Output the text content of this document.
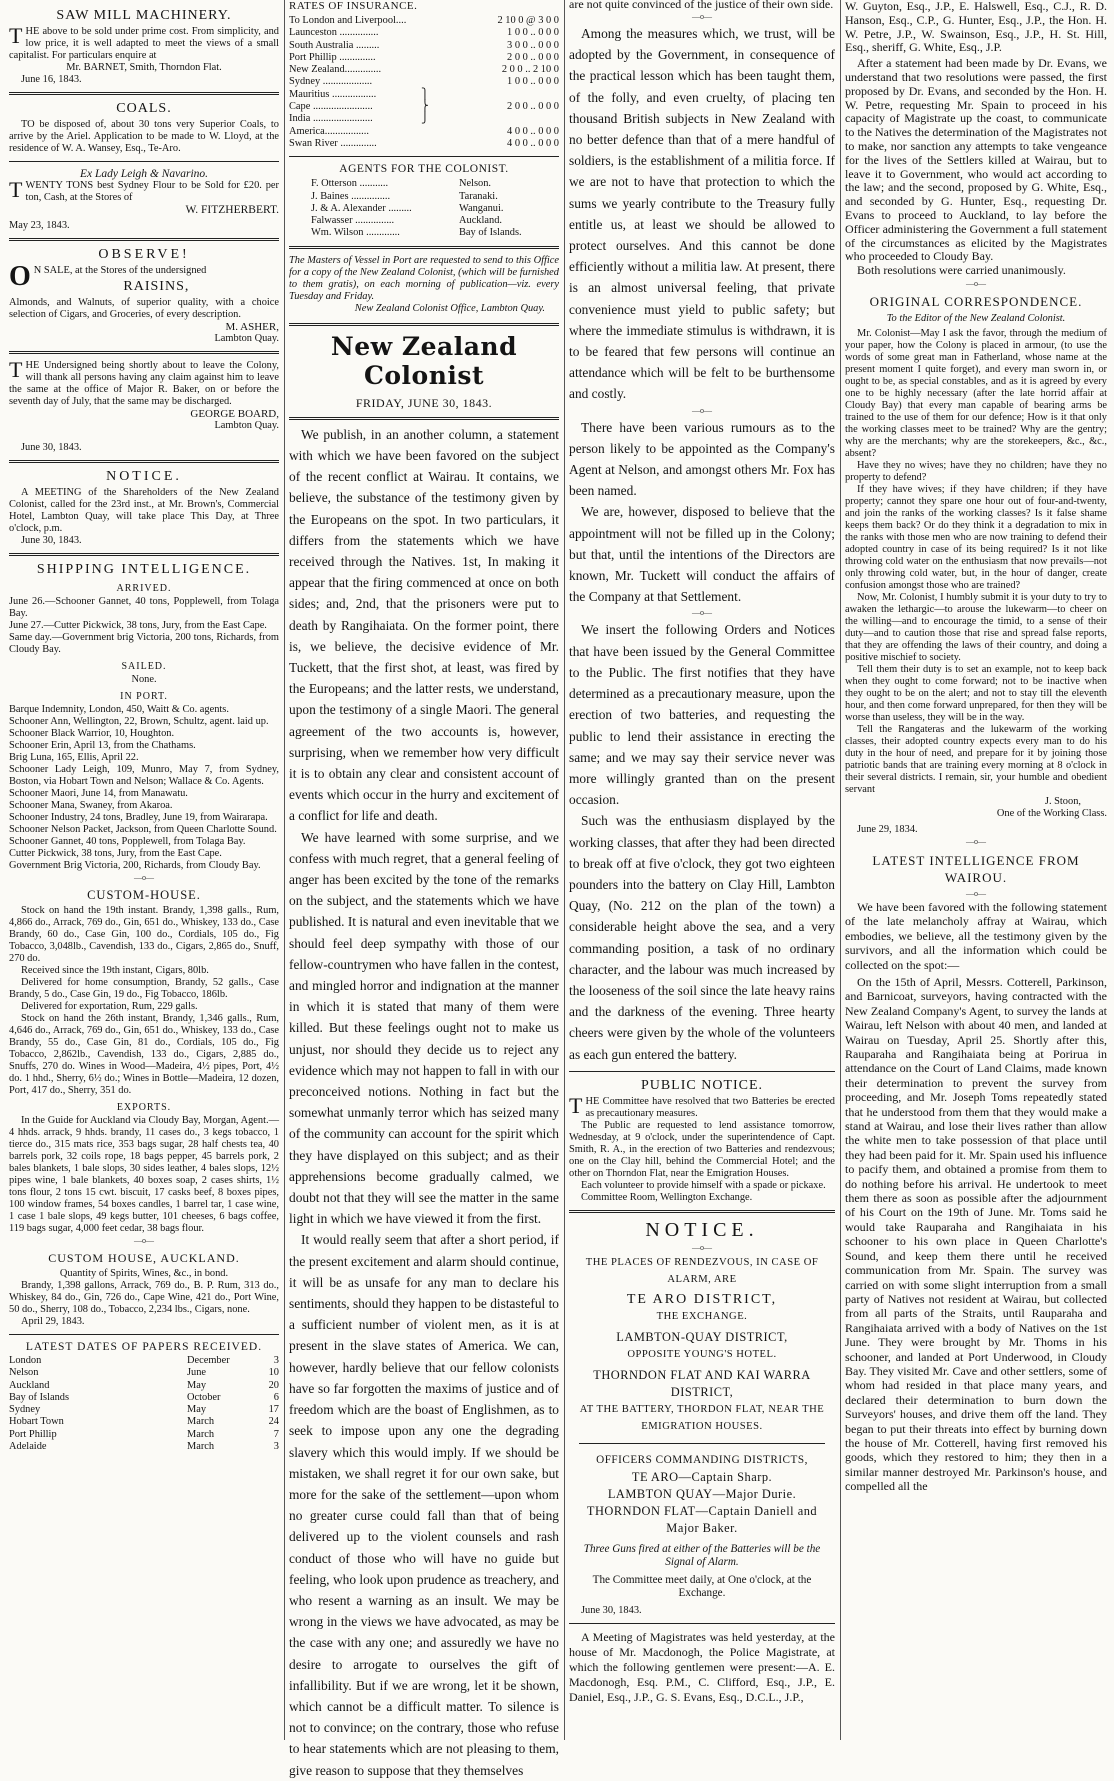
SAW MILL MACHINERY.

THE above to be sold under prime cost. From simplicity, and low price, it is well adapted to meet the views of a small capitalist. For particulars enquire at

Mr. BARNET, Smith, Thorndon Flat.

June 16, 1843.

COALS.

TO be disposed of, about 30 tons very Superior Coals, to arrive by the Ariel. Application to be made to W. Lloyd, at the residence of W. A. Wansey, Esq., Te-Aro.

Ex Lady Leigh & Navarino.

TWENTY TONS best Sydney Flour to be Sold for £20. per ton, Cash, at the Stores of

W. FITZHERBERT.

May 23, 1843.

OBSERVE!

O N SALE, at the Stores of the undersigned

RAISINS,

Almonds, and Walnuts, of superior quality, with a choice selection of Cigars, and Groceries, of every description.

M. ASHER,

Lambton Quay.

THE Undersigned being shortly about to leave the Colony, will thank all persons having any claim against him to leave the same at the office of Major R. Baker, on or before the seventh day of July, that the same may be discharged.

GEORGE BOARD,

Lambton Quay.

June 30, 1843.

NOTICE.

A MEETING of the Shareholders of the New Zealand Colonist, called for the 23rd inst., at Mr. Brown's, Commercial Hotel, Lambton Quay, will take place This Day, at Three o'clock, p.m.

June 30, 1843.

SHIPPING INTELLIGENCE.
ARRIVED.

June 26.—Schooner Gannet, 40 tons, Popplewell, from Tolaga Bay.

June 27.—Cutter Pickwick, 38 tons, Jury, from the East Cape.

Same day.—Government brig Victoria, 200 tons, Richards, from Cloudy Bay.

SAILED.

None.

IN PORT.

Barque Indemnity, London, 450, Waitt & Co. agents.

Schooner Ann, Wellington, 22, Brown, Schultz, agent. laid up.

Schooner Black Warrior, 10, Houghton.

Schooner Erin, April 13, from the Chathams.

Brig Luna, 165, Ellis, April 22.

Schooner Lady Leigh, 109, Munro, May 7, from Sydney, Boston, via Hobart Town and Nelson; Wallace & Co. Agents.

Schooner Maori, June 14, from Manawatu.

Schooner Mana, Swaney, from Akaroa.

Schooner Industry, 24 tons, Bradley, June 19, from Wairarapa.

Schooner Nelson Packet, Jackson, from Queen Charlotte Sound.

Schooner Gannet, 40 tons, Popplewell, from Tolaga Bay.

Cutter Pickwick, 38 tons, Jury, from the East Cape.

Government Brig Victoria, 200, Richards, from Cloudy Bay.

—o—
CUSTOM-HOUSE.

Stock on hand the 19th instant. Brandy, 1,398 galls., Rum, 4,866 do., Arrack, 769 do., Gin, 651 do., Whiskey, 133 do., Case Brandy, 60 do., Case Gin, 100 do., Cordials, 105 do., Fig Tobacco, 3,048lb., Cavendish, 133 do., Cigars, 2,865 do., Snuff, 270 do.

Received since the 19th instant, Cigars, 80lb.

Delivered for home consumption, Brandy, 52 galls., Case Brandy, 5 do., Case Gin, 19 do., Fig Tobacco, 186lb.

Delivered for exportation, Rum, 229 galls.

Stock on hand the 26th instant, Brandy, 1,346 galls., Rum, 4,646 do., Arrack, 769 do., Gin, 651 do., Whiskey, 133 do., Case Brandy, 55 do., Case Gin, 81 do., Cordials, 105 do., Fig Tobacco, 2,862lb., Cavendish, 133 do., Cigars, 2,885 do., Snuffs, 270 do. Wines in Wood—Madeira, 4½ pipes, Port, 4½ do. 1 hhd., Sherry, 6½ do.; Wines in Bottle—Madeira, 12 dozen, Port, 417 do., Sherry, 351 do.

EXPORTS.

In the Guide for Auckland via Cloudy Bay, Morgan, Agent.—4 hhds. arrack, 9 hhds. brandy, 11 cases do., 3 kegs tobacco, 1 tierce do., 315 mats rice, 353 bags sugar, 28 half chests tea, 40 barrels pork, 32 coils rope, 18 bags pepper, 45 barrels pork, 2 bales blankets, 1 bale slops, 30 sides leather, 4 bales slops, 12½ pipes wine, 1 bale blankets, 40 boxes soap, 2 cases shirts, 1½ tons flour, 2 tons 15 cwt. biscuit, 17 casks beef, 8 boxes pipes, 100 window frames, 54 boxes candles, 1 barrel tar, 1 case wine, 1 case 1 bale slops, 49 kegs butter, 101 cheeses, 6 bags coffee, 119 bags sugar, 4,000 feet cedar, 38 bags flour.

—o—
CUSTOM HOUSE, AUCKLAND.

Quantity of Spirits, Wines, &c., in bond.

Brandy, 1,398 gallons, Arrack, 769 do., B. P. Rum, 313 do., Whiskey, 84 do., Gin, 726 do., Cape Wine, 421 do., Port Wine, 50 do., Sherry, 108 do., Tobacco, 2,234 lbs., Cigars, none.

April 29, 1843.

LATEST DATES OF PAPERS RECEIVED.
London	December	3
Nelson	June	10
Auckland	May	20
Bay of Islands	October	6
Sydney	May	17
Hobart Town	March	24
Port Phillip	March	7
Adelaide	March	3
RATES OF INSURANCE.
To London and Liverpool....	2 10 0 @ 3 0 0
Launceston ...............	1 0 0 .. 0 0 0
South Australia .........	3 0 0 .. 0 0 0
Port Phillip ..............	2 0 0 .. 0 0 0
New Zealand..............	2 0 0 .. 2 10 0
Sydney ...................	1 0 0 .. 0 0 0
Mauritius .................	⎫
Cape .......................	⎬	2 0 0 .. 0 0 0
India .......................	⎭
America.................	4 0 0 .. 0 0 0
Swan River ..............	4 0 0 .. 0 0 0
AGENTS FOR THE COLONIST.
F. Otterson ...........	Nelson.
J. Baines ...............	Taranaki.
J. & A. Alexander .........	Wanganui.
Falwasser ...............	Auckland.
Wm. Wilson .............	Bay of Islands.

The Masters of Vessel in Port are requested to send to this Office for a copy of the New Zealand Colonist, (which will be furnished to them gratis), on each morning of publication—viz. every Tuesday and Friday.

New Zealand Colonist Office, Lambton Quay.

New Zealand Colonist
FRIDAY, JUNE 30, 1843.

We publish, in an another column, a statement with which we have been favored on the subject of the recent conflict at Wairau. It contains, we believe, the substance of the testimony given by the Europeans on the spot. In two particulars, it differs from the statements which we have received through the Natives. 1st, In making it appear that the firing commenced at once on both sides; and, 2nd, that the prisoners were put to death by Rangihaiata. On the former point, there is, we believe, the decisive evidence of Mr. Tuckett, that the first shot, at least, was fired by the Europeans; and the latter rests, we understand, upon the testimony of a single Maori. The general agreement of the two accounts is, however, surprising, when we remember how very difficult it is to obtain any clear and consistent account of events which occur in the hurry and excitement of a conflict for life and death.

We have learned with some surprise, and we confess with much regret, that a general feeling of anger has been excited by the tone of the remarks on the subject, and the statements which we have published. It is natural and even inevitable that we should feel deep sympathy with those of our fellow-countrymen who have fallen in the contest, and mingled horror and indignation at the manner in which it is stated that many of them were killed. But these feelings ought not to make us unjust, nor should they decide us to reject any evidence which may not happen to fall in with our preconceived notions. Nothing in fact but the somewhat unmanly terror which has seized many of the community can account for the spirit which they have displayed on this subject; and as their apprehensions become gradually calmed, we doubt not that they will see the matter in the same light in which we have viewed it from the first.

It would really seem that after a short period, if the present excitement and alarm should continue, it will be as unsafe for any man to declare his sentiments, should they happen to be distasteful to a sufficient number of violent men, as it is at present in the slave states of America. We can, however, hardly believe that our fellow colonists have so far forgotten the maxims of justice and of freedom which are the boast of Englishmen, as to seek to impose upon any one the degrading slavery which this would imply. If we should be mistaken, we shall regret it for our own sake, but more for the sake of the settlement—upon whom no greater curse could fall than that of being delivered up to the violent counsels and rash conduct of those who will have no guide but feeling, who look upon prudence as treachery, and who resent a warning as an insult. We may be wrong in the views we have advocated, as may be the case with any one; and assuredly we have no desire to arrogate to ourselves the gift of infallibility. But if we are wrong, let it be shown, which cannot be a difficult matter. To silence is not to convince; on the contrary, those who refuse to hear statements which are not pleasing to them, give reason to suppose that they themselves

are not quite convinced of the justice of their own side.

—o—

Among the measures which, we trust, will be adopted by the Government, in consequence of the practical lesson which has been taught them, of the folly, and even cruelty, of placing ten thousand British subjects in New Zealand with no better defence than that of a mere handful of soldiers, is the establishment of a militia force. If we are not to have that protection to which the sums we yearly contribute to the Treasury fully entitle us, at least we should be allowed to protect ourselves. And this cannot be done efficiently without a militia law. At present, there is an almost universal feeling, that private convenience must yield to public safety; but where the immediate stimulus is withdrawn, it is to be feared that few persons will continue an attendance which will be felt to be burthensome and costly.

—o—

There have been various rumours as to the person likely to be appointed as the Company's Agent at Nelson, and amongst others Mr. Fox has been named.

We are, however, disposed to believe that the appointment will not be filled up in the Colony; but that, until the intentions of the Directors are known, Mr. Tuckett will conduct the affairs of the Company at that Settlement.

—o—

We insert the following Orders and Notices that have been issued by the General Committee to the Public. The first notifies that they have determined as a precautionary measure, upon the erection of two batteries, and requesting the public to lend their assistance in erecting the same; and we may say their service never was more willingly granted than on the present occasion.

Such was the enthusiasm displayed by the working classes, that after they had been directed to break off at five o'clock, they got two eighteen pounders into the battery on Clay Hill, Lambton Quay, (No. 212 on the plan of the town) a considerable height above the sea, and a very commanding position, a task of no ordinary character, and the labour was much increased by the looseness of the soil since the late heavy rains and the darkness of the evening. Three hearty cheers were given by the whole of the volunteers as each gun entered the battery.

PUBLIC NOTICE.

THE Committee have resolved that two Batteries be erected as precautionary measures.

The Public are requested to lend assistance tomorrow, Wednesday, at 9 o'clock, under the superintendence of Capt. Smith, R. A., in the erection of two Batteries and rendezvous; one on the Clay hill, behind the Commercial Hotel; and the other on Thorndon Flat, near the Emigration Houses.

Each volunteer to provide himself with a spade or pickaxe.

Committee Room, Wellington Exchange.

NOTICE.
—o—

THE PLACES OF RENDEZVOUS, IN CASE OF ALARM, ARE

TE ARO DISTRICT,

THE EXCHANGE.

LAMBTON-QUAY DISTRICT,

OPPOSITE YOUNG'S HOTEL.

THORNDON FLAT AND KAI WARRA DISTRICT,

AT THE BATTERY, THORDON FLAT, NEAR THE EMIGRATION HOUSES.

OFFICERS COMMANDING DISTRICTS,

TE ARO—Captain Sharp.

LAMBTON QUAY—Major Durie.

THORNDON FLAT—Captain Daniell and Major Baker.

Three Guns fired at either of the Batteries will be the Signal of Alarm.

The Committee meet daily, at One o'clock, at the Exchange.

June 30, 1843.

A Meeting of Magistrates was held yesterday, at the house of Mr. Macdonogh, the Police Magistrate, at which the following gentlemen were present:—A. E. Macdonogh, Esq. P.M., C. Clifford, Esq., J.P., E. Daniel, Esq., J.P., G. S. Evans, Esq., D.C.L., J.P.,

W. Guyton, Esq., J.P., E. Halswell, Esq., C.J., R. D. Hanson, Esq., C.P., G. Hunter, Esq., J.P., the Hon. H. W. Petre, J.P., W. Swainson, Esq., J.P., H. St. Hill, Esq., sheriff, G. White, Esq., J.P.

After a statement had been made by Dr. Evans, we understand that two resolutions were passed, the first proposed by Dr. Evans, and seconded by the Hon. H. W. Petre, requesting Mr. Spain to proceed in his capacity of Magistrate up the coast, to communicate to the Natives the determination of the Magistrates not to make, nor sanction any attempts to take vengeance for the lives of the Settlers killed at Wairau, but to leave it to Government, who would act according to the law; and the second, proposed by G. White, Esq., and seconded by G. Hunter, Esq., requesting Dr. Evans to proceed to Auckland, to lay before the Officer administering the Government a full statement of the circumstances as elicited by the Magistrates who proceeded to Cloudy Bay.

Both resolutions were carried unanimously.

—o—
ORIGINAL CORRESPONDENCE.

To the Editor of the New Zealand Colonist.

Mr. Colonist—May I ask the favor, through the medium of your paper, how the Colony is placed in armour, (to use the words of some great man in Fatherland, whose name at the present moment I quite forget), and every man sworn in, or ought to be, as special constables, and as it is agreed by every one to be highly necessary (after the late horrid affair at Cloudy Bay) that every man capable of bearing arms be trained to the use of them for our defence; How is it that only the working classes meet to be trained? Why are the gentry; why are the merchants; why are the storekeepers, &c., &c., absent?

Have they no wives; have they no children; have they no property to defend?

If they have wives; if they have children; if they have property; cannot they spare one hour out of four-and-twenty, and join the ranks of the working classes? Is it false shame keeps them back? Or do they think it a degradation to mix in the ranks with those men who are now training to defend their adopted country in case of its being required? Is it not like throwing cold water on the enthusiasm that now prevails—not only throwing cold water, but, in the hour of danger, create confusion amongst those who are trained?

Now, Mr. Colonist, I humbly submit it is your duty to try to awaken the lethargic—to arouse the lukewarm—to cheer on the willing—and to encourage the timid, to a sense of their duty—and to caution those that rise and spread false reports, that they are offending the laws of their country, and doing a positive mischief to society.

Tell them their duty is to set an example, not to keep back when they ought to come forward; not to be inactive when they ought to be on the alert; and not to stay till the eleventh hour, and then come forward unprepared, for then they will be worse than useless, they will be in the way.

Tell the Rangateras and the lukewarm of the working classes, their adopted country expects every man to do his duty in the hour of need, and prepare for it by joining those patriotic bands that are training every morning at 8 o'clock in their several districts. I remain, sir, your humble and obedient servant

J. Stoon,

One of the Working Class.

June 29, 1834.

—o—
LATEST INTELLIGENCE FROM WAIROU.
—o—

We have been favored with the following statement of the late melancholy affray at Wairau, which embodies, we believe, all the testimony given by the survivors, and all the information which could be collected on the spot:—

On the 15th of April, Messrs. Cotterell, Parkinson, and Barnicoat, surveyors, having contracted with the New Zealand Company's Agent, to survey the lands at Wairau, left Nelson with about 40 men, and landed at Wairau on Tuesday, April 25. Shortly after this, Rauparaha and Rangihaiata being at Porirua in attendance on the Court of Land Claims, made known their determination to prevent the survey from proceeding, and Mr. Joseph Toms repeatedly stated that he understood from them that they would make a stand at Wairau, and lose their lives rather than allow the white men to take possession of that place until they had been paid for it. Mr. Spain used his influence to pacify them, and obtained a promise from them to do nothing before his arrival. He undertook to meet them there as soon as possible after the adjournment of his Court on the 19th of June. Mr. Toms said he would take Rauparaha and Rangihaiata in his schooner to his own place in Queen Charlotte's Sound, and keep them there until he received communication from Mr. Spain. The survey was carried on with some slight interruption from a small party of Natives not resident at Wairau, but collected from all parts of the Straits, until Rauparaha and Rangihaiata arrived with a body of Natives on the 1st June. They were brought by Mr. Thoms in his schooner, and landed at Port Underwood, in Cloudy Bay. They visited Mr. Cave and other settlers, some of whom had resided in that place many years, and declared their determination to burn down the Surveyors' houses, and drive them off the land. They began to put their threats into effect by burning down the house of Mr. Cotterell, having first removed his goods, which they restored to him; they then in a similar manner destroyed Mr. Parkinson's house, and compelled all the
